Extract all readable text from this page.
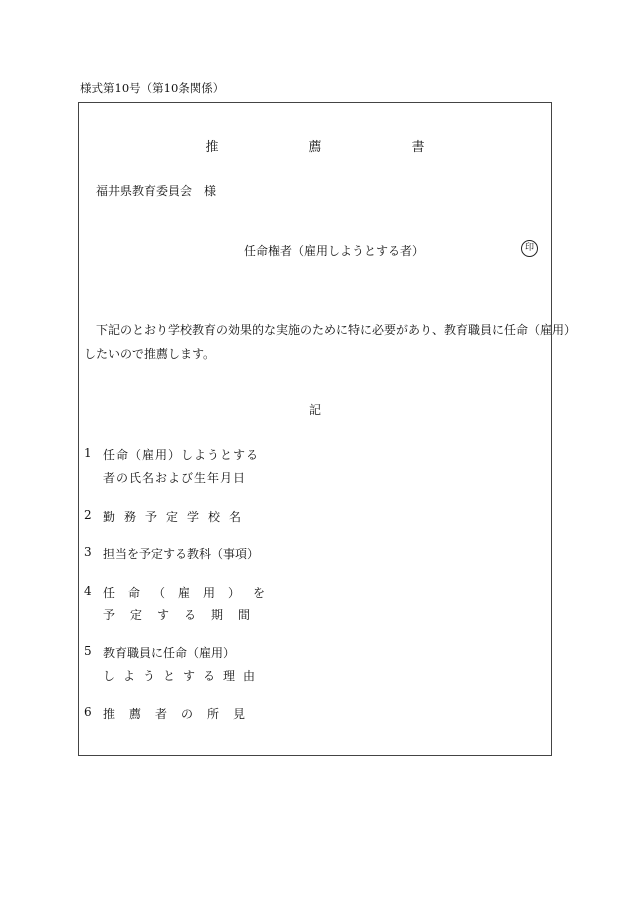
様式第10号（第10条関係）
推	薦	書
福井県教育委員会　様
任命権者（雇用しようとする者）	印
下記のとおり学校教育の効果的な実施のために特に必要があり、教育職員に任命（雇用）
したいので推薦します。
記
1 任命（雇用）しようとする
者の氏名および生年月日
2 勤務予定学校名
3 担当を予定する教科（事項）
4 任命（雇用）を
予定する期間
5 教育職員に任命（雇用）
しようとする理由
6 推薦者の所見
